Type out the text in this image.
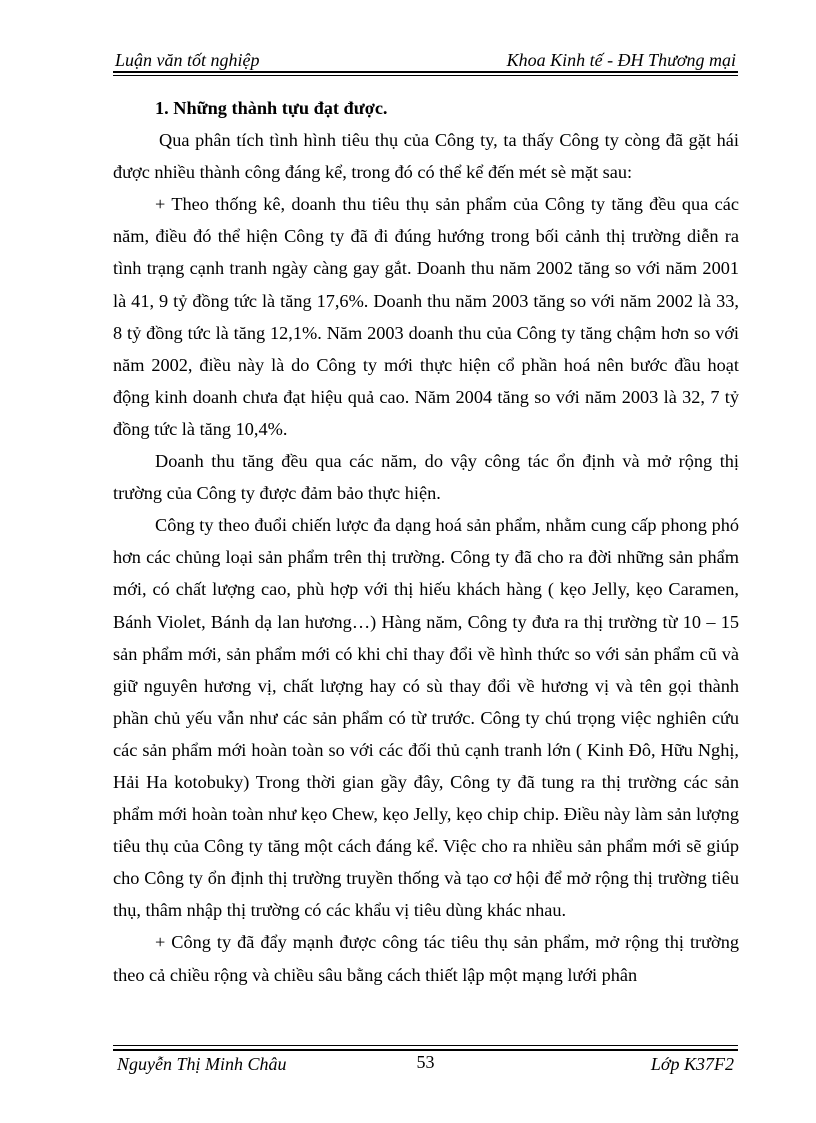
Luận văn tốt nghiệp	Khoa Kinh tế - ĐH Thương mại
1. Những thành tựu đạt được.

Qua phân tích tình hình tiêu thụ của Công ty, ta thấy Công ty còng đã gặt hái được nhiều thành công đáng kể, trong đó có thể kể đến mét sè mặt sau:

+ Theo thống kê, doanh thu tiêu thụ sản phẩm của Công ty tăng đều qua các năm, điều đó thể hiện Công ty đã đi đúng hướng trong bối cảnh thị trường diễn ra tình trạng cạnh tranh ngày càng gay gắt. Doanh thu năm 2002 tăng so với năm 2001 là 41, 9 tỷ đồng tức là tăng 17,6%. Doanh thu năm 2003 tăng so với năm 2002 là 33, 8 tỷ đồng tức là tăng 12,1%. Năm 2003 doanh thu của Công ty tăng chậm hơn so với năm 2002, điều này là do Công ty mới thực hiện cổ phần hoá nên bước đầu hoạt động kinh doanh chưa đạt hiệu quả cao. Năm 2004 tăng so với năm 2003 là 32, 7 tỷ đồng tức là tăng 10,4%.

Doanh thu tăng đều qua các năm, do vậy công tác ổn định và mở rộng thị trường của Công ty được đảm bảo thực hiện.

Công ty theo đuổi chiến lược đa dạng hoá sản phẩm, nhằm cung cấp phong phó hơn các chủng loại sản phẩm trên thị trường. Công ty đã cho ra đời những sản phẩm mới, có chất lượng cao, phù hợp với thị hiếu khách hàng ( kẹo Jelly, kẹo Caramen, Bánh Violet, Bánh dạ lan hương…) Hàng năm, Công ty đưa ra thị trường từ 10 – 15 sản phẩm mới, sản phẩm mới có khi chỉ thay đổi về hình thức so với sản phẩm cũ và giữ nguyên hương vị, chất lượng hay có sù thay đổi về hương vị và tên gọi thành phần chủ yếu vẫn như các sản phẩm có từ trước. Công ty chú trọng việc nghiên cứu các sản phẩm mới hoàn toàn so với các đối thủ cạnh tranh lớn ( Kinh Đô, Hữu Nghị, Hải Ha kotobuky) Trong thời gian gầy đây, Công ty đã tung ra thị trường các sản phẩm mới hoàn toàn như kẹo Chew, kẹo Jelly, kẹo chip chip. Điều này làm sản lượng tiêu thụ của Công ty tăng một cách đáng kể. Việc cho ra nhiều sản phẩm mới sẽ giúp cho Công ty ổn định thị trường truyền thống và tạo cơ hội để mở rộng thị trường tiêu thụ, thâm nhập thị trường có các khẩu vị tiêu dùng khác nhau.

+ Công ty đã đẩy mạnh được công tác tiêu thụ sản phẩm, mở rộng thị trường theo cả chiều rộng và chiều sâu bằng cách thiết lập một mạng lưới phân

Nguyễn Thị Minh Châu	53	Lớp K37F2
